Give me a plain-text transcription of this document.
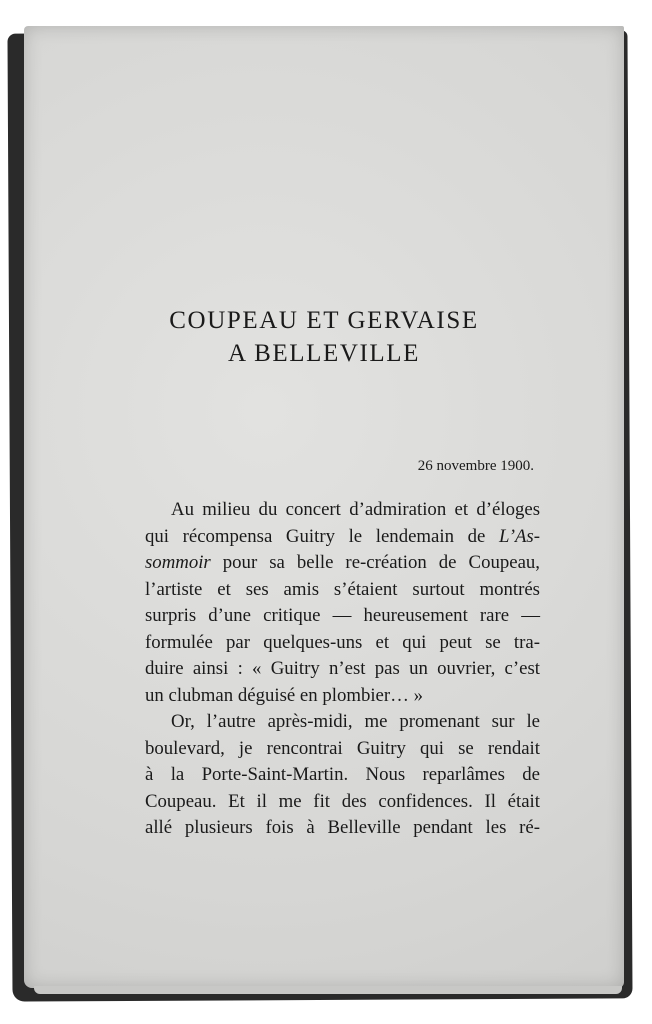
COUPEAU ET GERVAISE
A BELLEVILLE
26 novembre 1900.
Au milieu du concert d’admiration et d’éloges
qui récompensa Guitry le lendemain de L’As-
sommoir pour sa belle re-création de Coupeau,
l’artiste et ses amis s’étaient surtout montrés
surpris d’une critique — heureusement rare —
formulée par quelques-uns et qui peut se tra-
duire ainsi : « Guitry n’est pas un ouvrier, c’est
un clubman déguisé en plombier… »
Or, l’autre après-midi, me promenant sur le
boulevard, je rencontrai Guitry qui se rendait
à la Porte-Saint-Martin. Nous reparlâmes de
Coupeau. Et il me fit des confidences. Il était
allé plusieurs fois à Belleville pendant les ré-
